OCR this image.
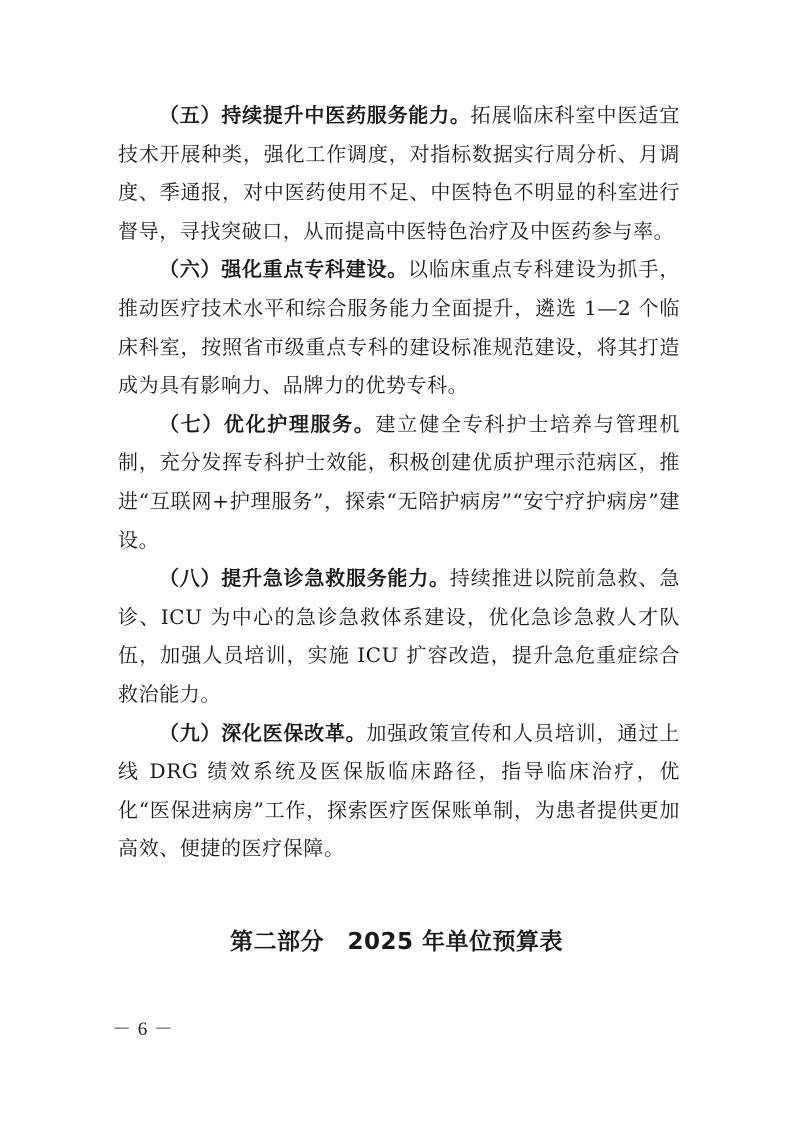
（五）持续提升中医药服务能力。拓展临床科室中医适宜技术开展种类，强化工作调度，对指标数据实行周分析、月调度、季通报，对中医药使用不足、中医特色不明显的科室进行督导，寻找突破口，从而提高中医特色治疗及中医药参与率。

（六）强化重点专科建设。以临床重点专科建设为抓手，推动医疗技术水平和综合服务能力全面提升，遴选 1—2 个临床科室，按照省市级重点专科的建设标准规范建设，将其打造成为具有影响力、品牌力的优势专科。

（七）优化护理服务。建立健全专科护士培养与管理机制，充分发挥专科护士效能，积极创建优质护理示范病区，推进“互联网+护理服务”，探索“无陪护病房”“安宁疗护病房”建设。

（八）提升急诊急救服务能力。持续推进以院前急救、急诊、ICU 为中心的急诊急救体系建设，优化急诊急救人才队伍，加强人员培训，实施 ICU 扩容改造，提升急危重症综合救治能力。

（九）深化医保改革。加强政策宣传和人员培训，通过上线 DRG 绩效系统及医保版临床路径，指导临床治疗，优化“医保进病房”工作，探索医疗医保账单制，为患者提供更加高效、便捷的医疗保障。

第二部分　2025 年单位预算表
－ 6 －
